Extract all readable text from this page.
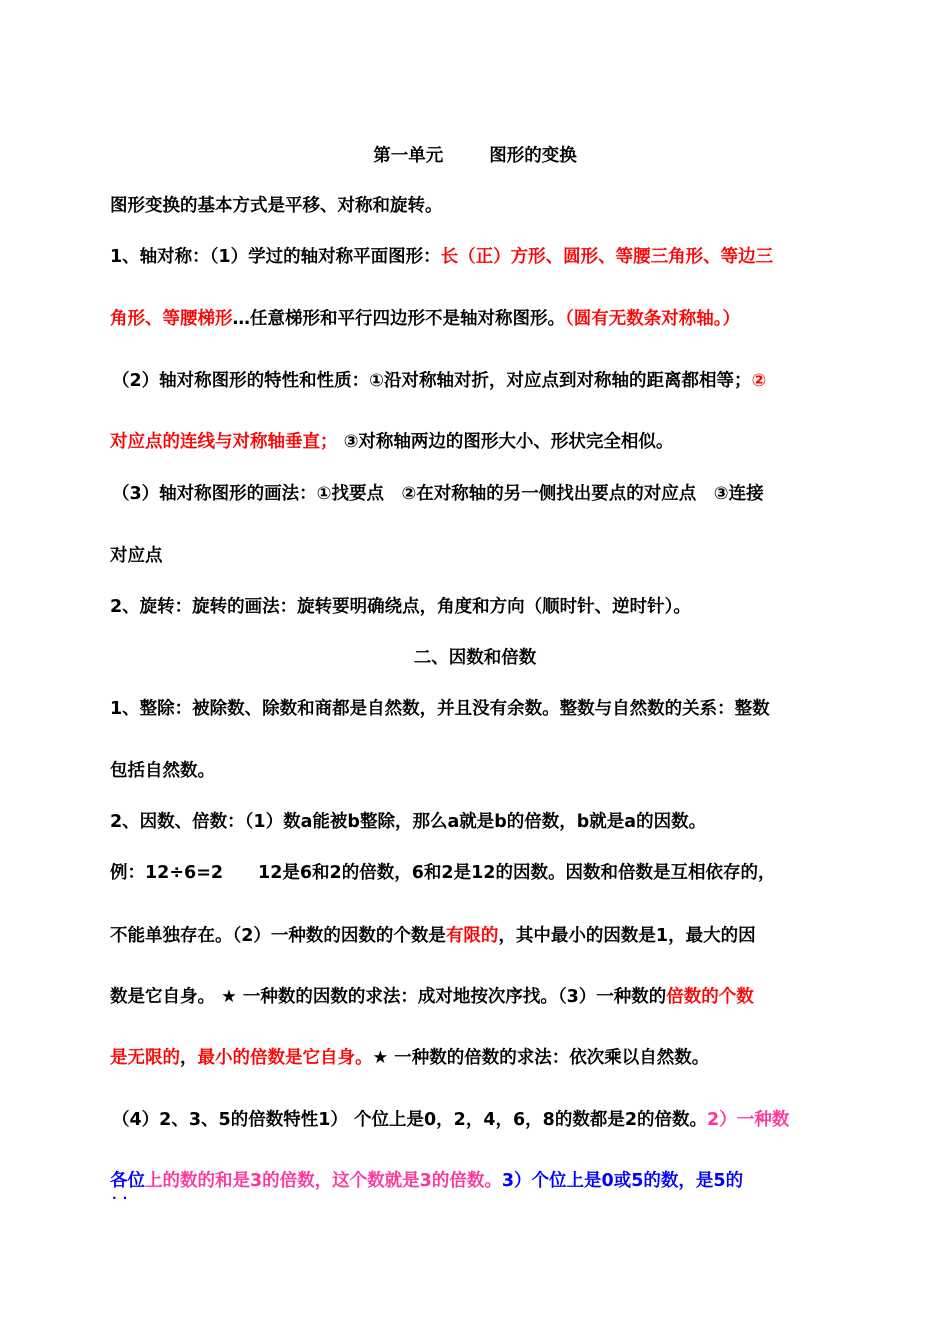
第一单元	图形的变换
图形变换的基本方式是平移、对称和旋转。
1、轴对称：（1）学过的轴对称平面图形：长（正）方形、圆形、等腰三角形、等边三
角形、等腰梯形…任意梯形和平行四边形不是轴对称图形。（圆有无数条对称轴。）
（2）轴对称图形的特性和性质：①沿对称轴对折，对应点到对称轴的距离都相等；②
对应点的连线与对称轴垂直； ③对称轴两边的图形大小、形状完全相似。
（3）轴对称图形的画法：①找要点　②在对称轴的另一侧找出要点的对应点　③连接
对应点
2、旋转：旋转的画法：旋转要明确绕点，角度和方向（顺时针、逆时针）。
二、因数和倍数
1、整除：被除数、除数和商都是自然数，并且没有余数。整数与自然数的关系：整数
包括自然数。
2、因数、倍数：（1）数a能被b整除，那么a就是b的倍数，b就是a的因数。
例：12÷6=2　　12是6和2的倍数，6和2是12的因数。因数和倍数是互相依存的，
不能单独存在。（2）一种数的因数的个数是有限的，其中最小的因数是1，最大的因
数是它自身。 ★ 一种数的因数的求法：成对地按次序找。（3）一种数的倍数的个数
是无限的，最小的倍数是它自身。★ 一种数的倍数的求法：依次乘以自然数。
（4）2、3、5的倍数特性1） 个位上是0，2，4，6，8的数都是2的倍数。2）一种数
各位 · ·上的数的和是3的倍数，这个数就是3的倍数。3）个位上是0或5的数，是5的
